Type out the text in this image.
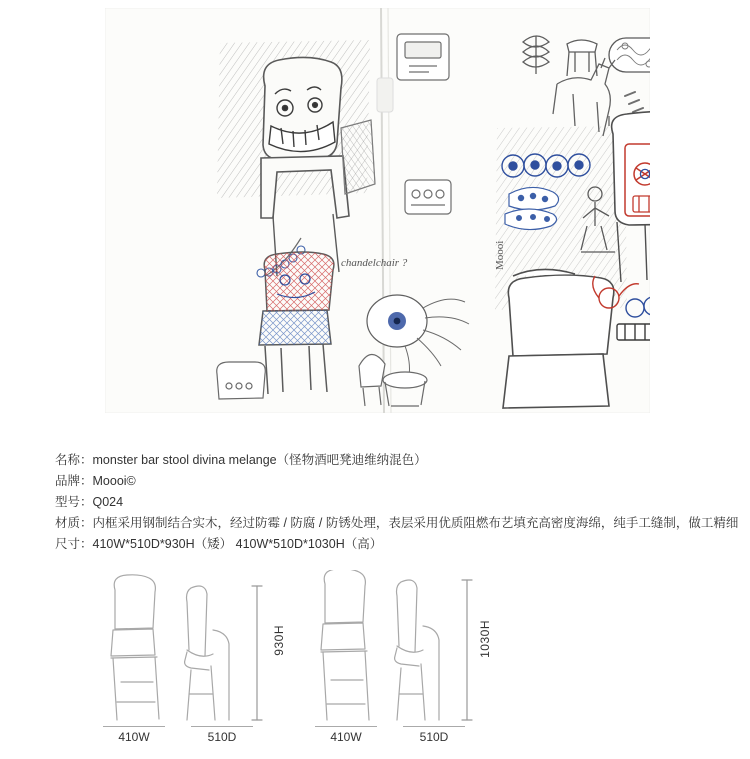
chandelchair ?	Moooi
名称：monster bar stool divina melange（怪物酒吧凳迪维纳混色）
品牌：Moooi©
型号：Q024
材质：内框采用钢制结合实木，经过防霉 / 防腐 / 防锈处理，表层采用优质阻燃布艺填充高密度海绵，纯手工缝制，做工精细
尺寸：410W*510D*930H（矮） 410W*510D*1030H（高）
930H	1030H
410W	510D	410W	510D
